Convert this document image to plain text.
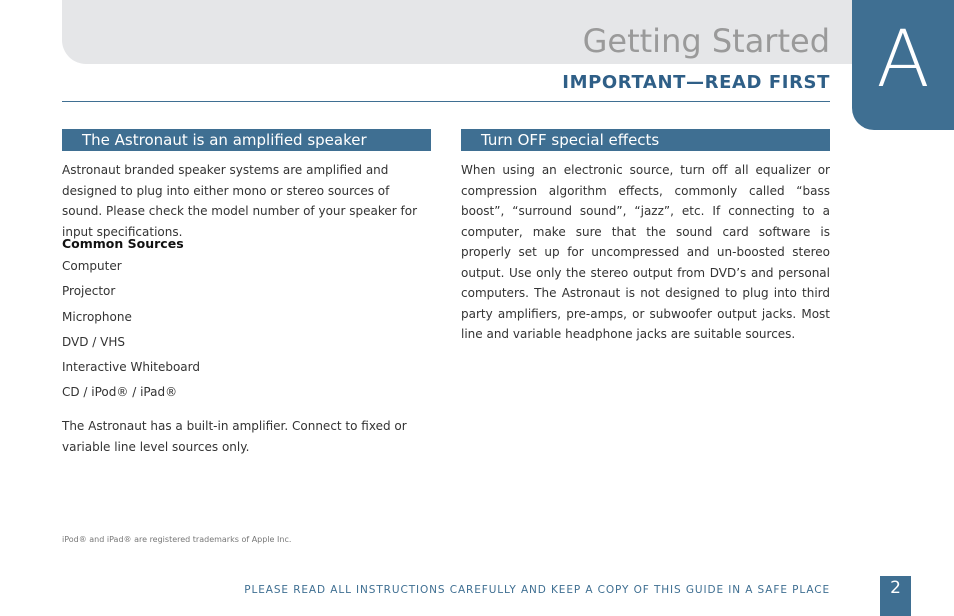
A
Getting Started
IMPORTANT—READ FIRST
The Astronaut is an amplified speaker

Astronaut branded speaker systems are amplified and designed to plug into either mono or stereo sources of sound. Please check the model number of your speaker for input specifications.

Common Sources
Computer
Projector
Microphone
DVD / VHS
Interactive Whiteboard
CD / iPod® / iPad®

The Astronaut has a built-in amplifier. Connect to fixed or variable line level sources only.

Turn OFF special effects

When using an electronic source, turn off all equalizer or compression algorithm effects, commonly called “bass boost”, “surround sound”, “jazz”, etc. If connecting to a computer, make sure that the sound card software is properly set up for uncompressed and un-boosted stereo output. Use only the stereo output from DVD’s and personal computers. The Astronaut is not designed to plug into third party amplifiers, pre-amps, or subwoofer output jacks. Most line and variable headphone jacks are suitable sources.

iPod® and iPad® are registered trademarks of Apple Inc.
PLEASE READ ALL INSTRUCTIONS CAREFULLY AND KEEP A COPY OF THIS GUIDE IN A SAFE PLACE	2
